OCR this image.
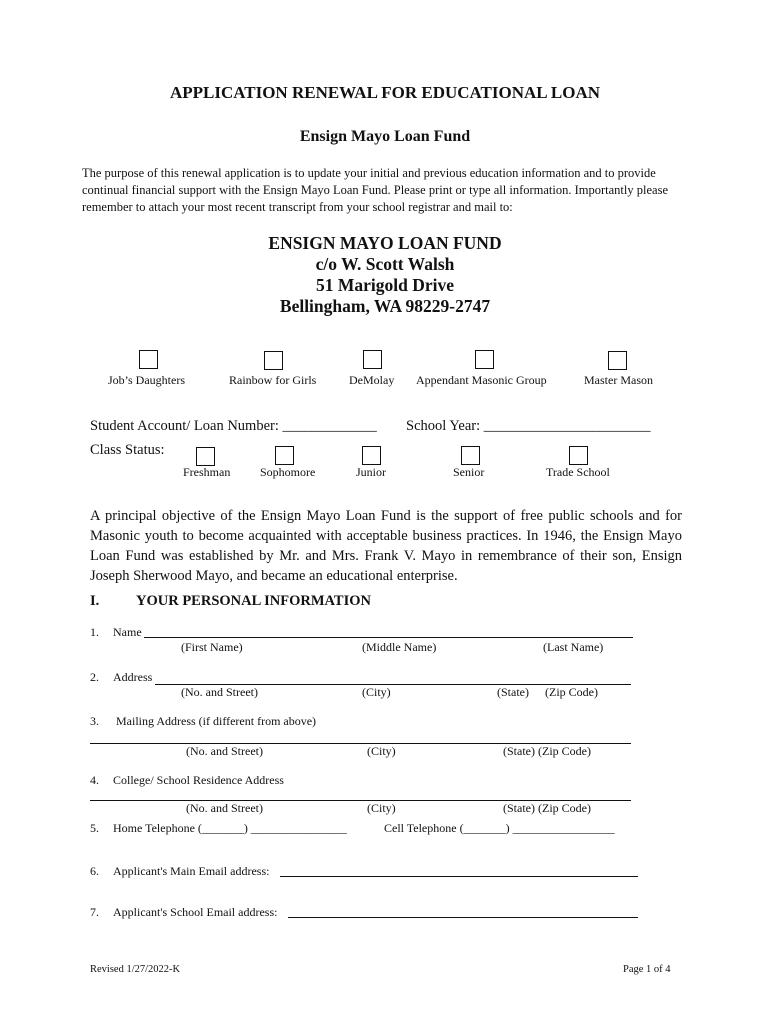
APPLICATION RENEWAL FOR EDUCATIONAL LOAN
Ensign Mayo Loan Fund
The purpose of this renewal application is to update your initial and previous education information and to provide continual financial support with the Ensign Mayo Loan Fund. Please print or type all information. Importantly please remember to attach your most recent transcript from your school registrar and mail to:
ENSIGN MAYO LOAN FUND
c/o W. Scott Walsh
51 Marigold Drive
Bellingham, WA 98229-2747
Job’s Daughters	Rainbow for Girls	DeMolay Appendant Masonic Group	Master Mason
Student Account/ Loan Number: _____________ School Year: _______________________
Class Status:
Freshman Sophomore	Junior	Senior	Trade School
A principal objective of the Ensign Mayo Loan Fund is the support of free public schools and for Masonic youth to become acquainted with acceptable business practices. In 1946, the Ensign Mayo Loan Fund was established by Mr. and Mrs. Frank V. Mayo in remembrance of their son, Ensign Joseph Sherwood Mayo, and became an educational enterprise.
I.	YOUR PERSONAL INFORMATION
1. Name
(First Name)	(Middle Name)	(Last Name)
2. Address
(No. and Street)	(City)	(State) (Zip Code)
3. Mailing Address (if different from above)
(No. and Street)	(City)	(State) (Zip Code)
4. College/ School Residence Address
(No. and Street)	(City)	(State) (Zip Code)
5. Home Telephone (_______) ________________	Cell Telephone (_______) _________________
6. Applicant's Main Email address:
7. Applicant's School Email address:
Revised 1/27/2022-K	Page 1 of 4
